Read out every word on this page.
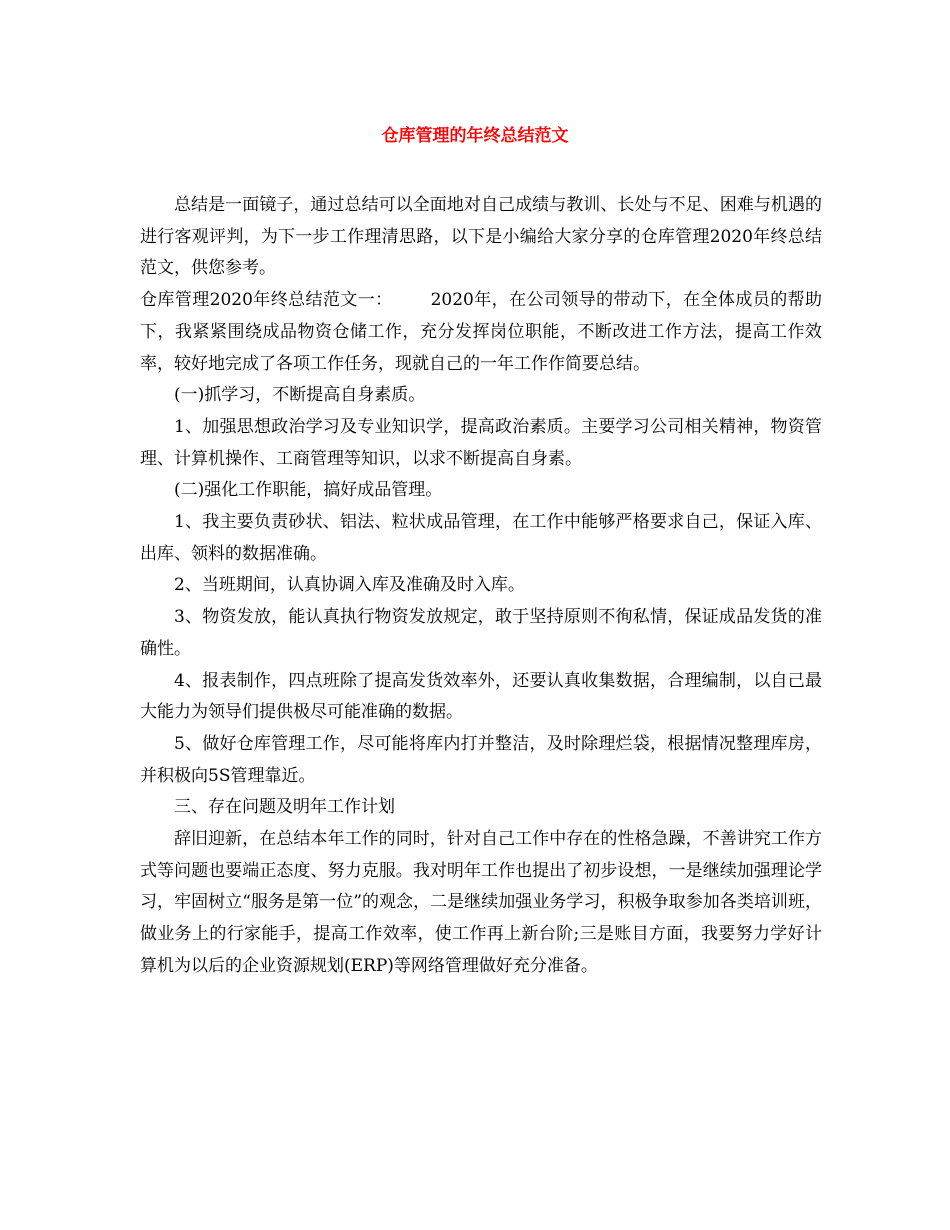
仓库管理的年终总结范文

总结是一面镜子，通过总结可以全面地对自己成绩与教训、长处与不足、困难与机遇的进行客观评判，为下一步工作理清思路，以下是小编给大家分享的仓库管理2020年终总结范文，供您参考。

仓库管理2020年终总结范文一： 2020年，在公司领导的带动下，在全体成员的帮助下，我紧紧围绕成品物资仓储工作，充分发挥岗位职能，不断改进工作方法，提高工作效率，较好地完成了各项工作任务，现就自己的一年工作作简要总结。

(一)抓学习，不断提高自身素质。

1、加强思想政治学习及专业知识学，提高政治素质。主要学习公司相关精神，物资管理、计算机操作、工商管理等知识，以求不断提高自身素。

(二)强化工作职能，搞好成品管理。

1、我主要负责砂状、铝法、粒状成品管理，在工作中能够严格要求自己，保证入库、出库、领料的数据准确。

2、当班期间，认真协调入库及准确及时入库。

3、物资发放，能认真执行物资发放规定，敢于坚持原则不徇私情，保证成品发货的准确性。

4、报表制作，四点班除了提高发货效率外，还要认真收集数据，合理编制，以自己最大能力为领导们提供极尽可能准确的数据。

5、做好仓库管理工作，尽可能将库内打并整洁，及时除理烂袋，根据情况整理库房，并积极向5S管理靠近。

三、存在问题及明年工作计划

辞旧迎新，在总结本年工作的同时，针对自己工作中存在的性格急躁，不善讲究工作方式等问题也要端正态度、努力克服。我对明年工作也提出了初步设想，一是继续加强理论学习，牢固树立“服务是第一位”的观念，二是继续加强业务学习，积极争取参加各类培训班，做业务上的行家能手，提高工作效率，使工作再上新台阶;三是账目方面，我要努力学好计算机为以后的企业资源规划(ERP)等网络管理做好充分准备。
